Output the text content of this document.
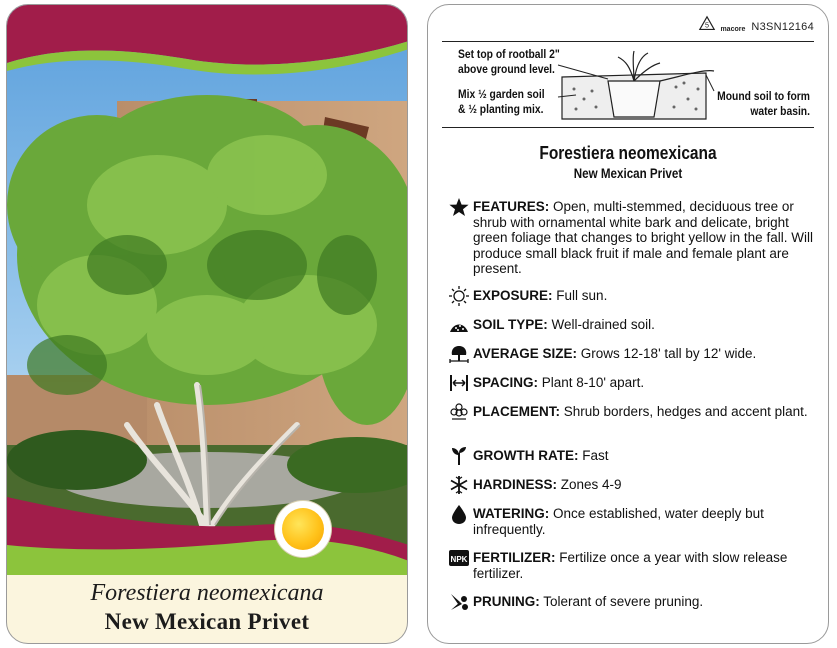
Forestiera neomexicana
New Mexican Privet
5 macore N3SN12164
Set top of rootball 2"
above ground level.
Mix ½ garden soil
& ½ planting mix.
Mound soil to form
water basin.
Forestiera neomexicana
New Mexican Privet
FEATURES: Open, multi-stemmed, deciduous tree or shrub with ornamental white bark and delicate, bright green foliage that changes to bright yellow in the fall. Will produce small black fruit if male and female plant are present.
EXPOSURE: Full sun.
SOIL TYPE: Well-drained soil.
AVERAGE SIZE: Grows 12-18' tall by 12' wide.
SPACING: Plant 8-10' apart.
PLACEMENT: Shrub borders, hedges and accent plant.
GROWTH RATE: Fast
HARDINESS: Zones 4-9
WATERING: Once established, water deeply but infrequently.
NPK FERTILIZER: Fertilize once a year with slow release fertilizer.
PRUNING: Tolerant of severe pruning.
